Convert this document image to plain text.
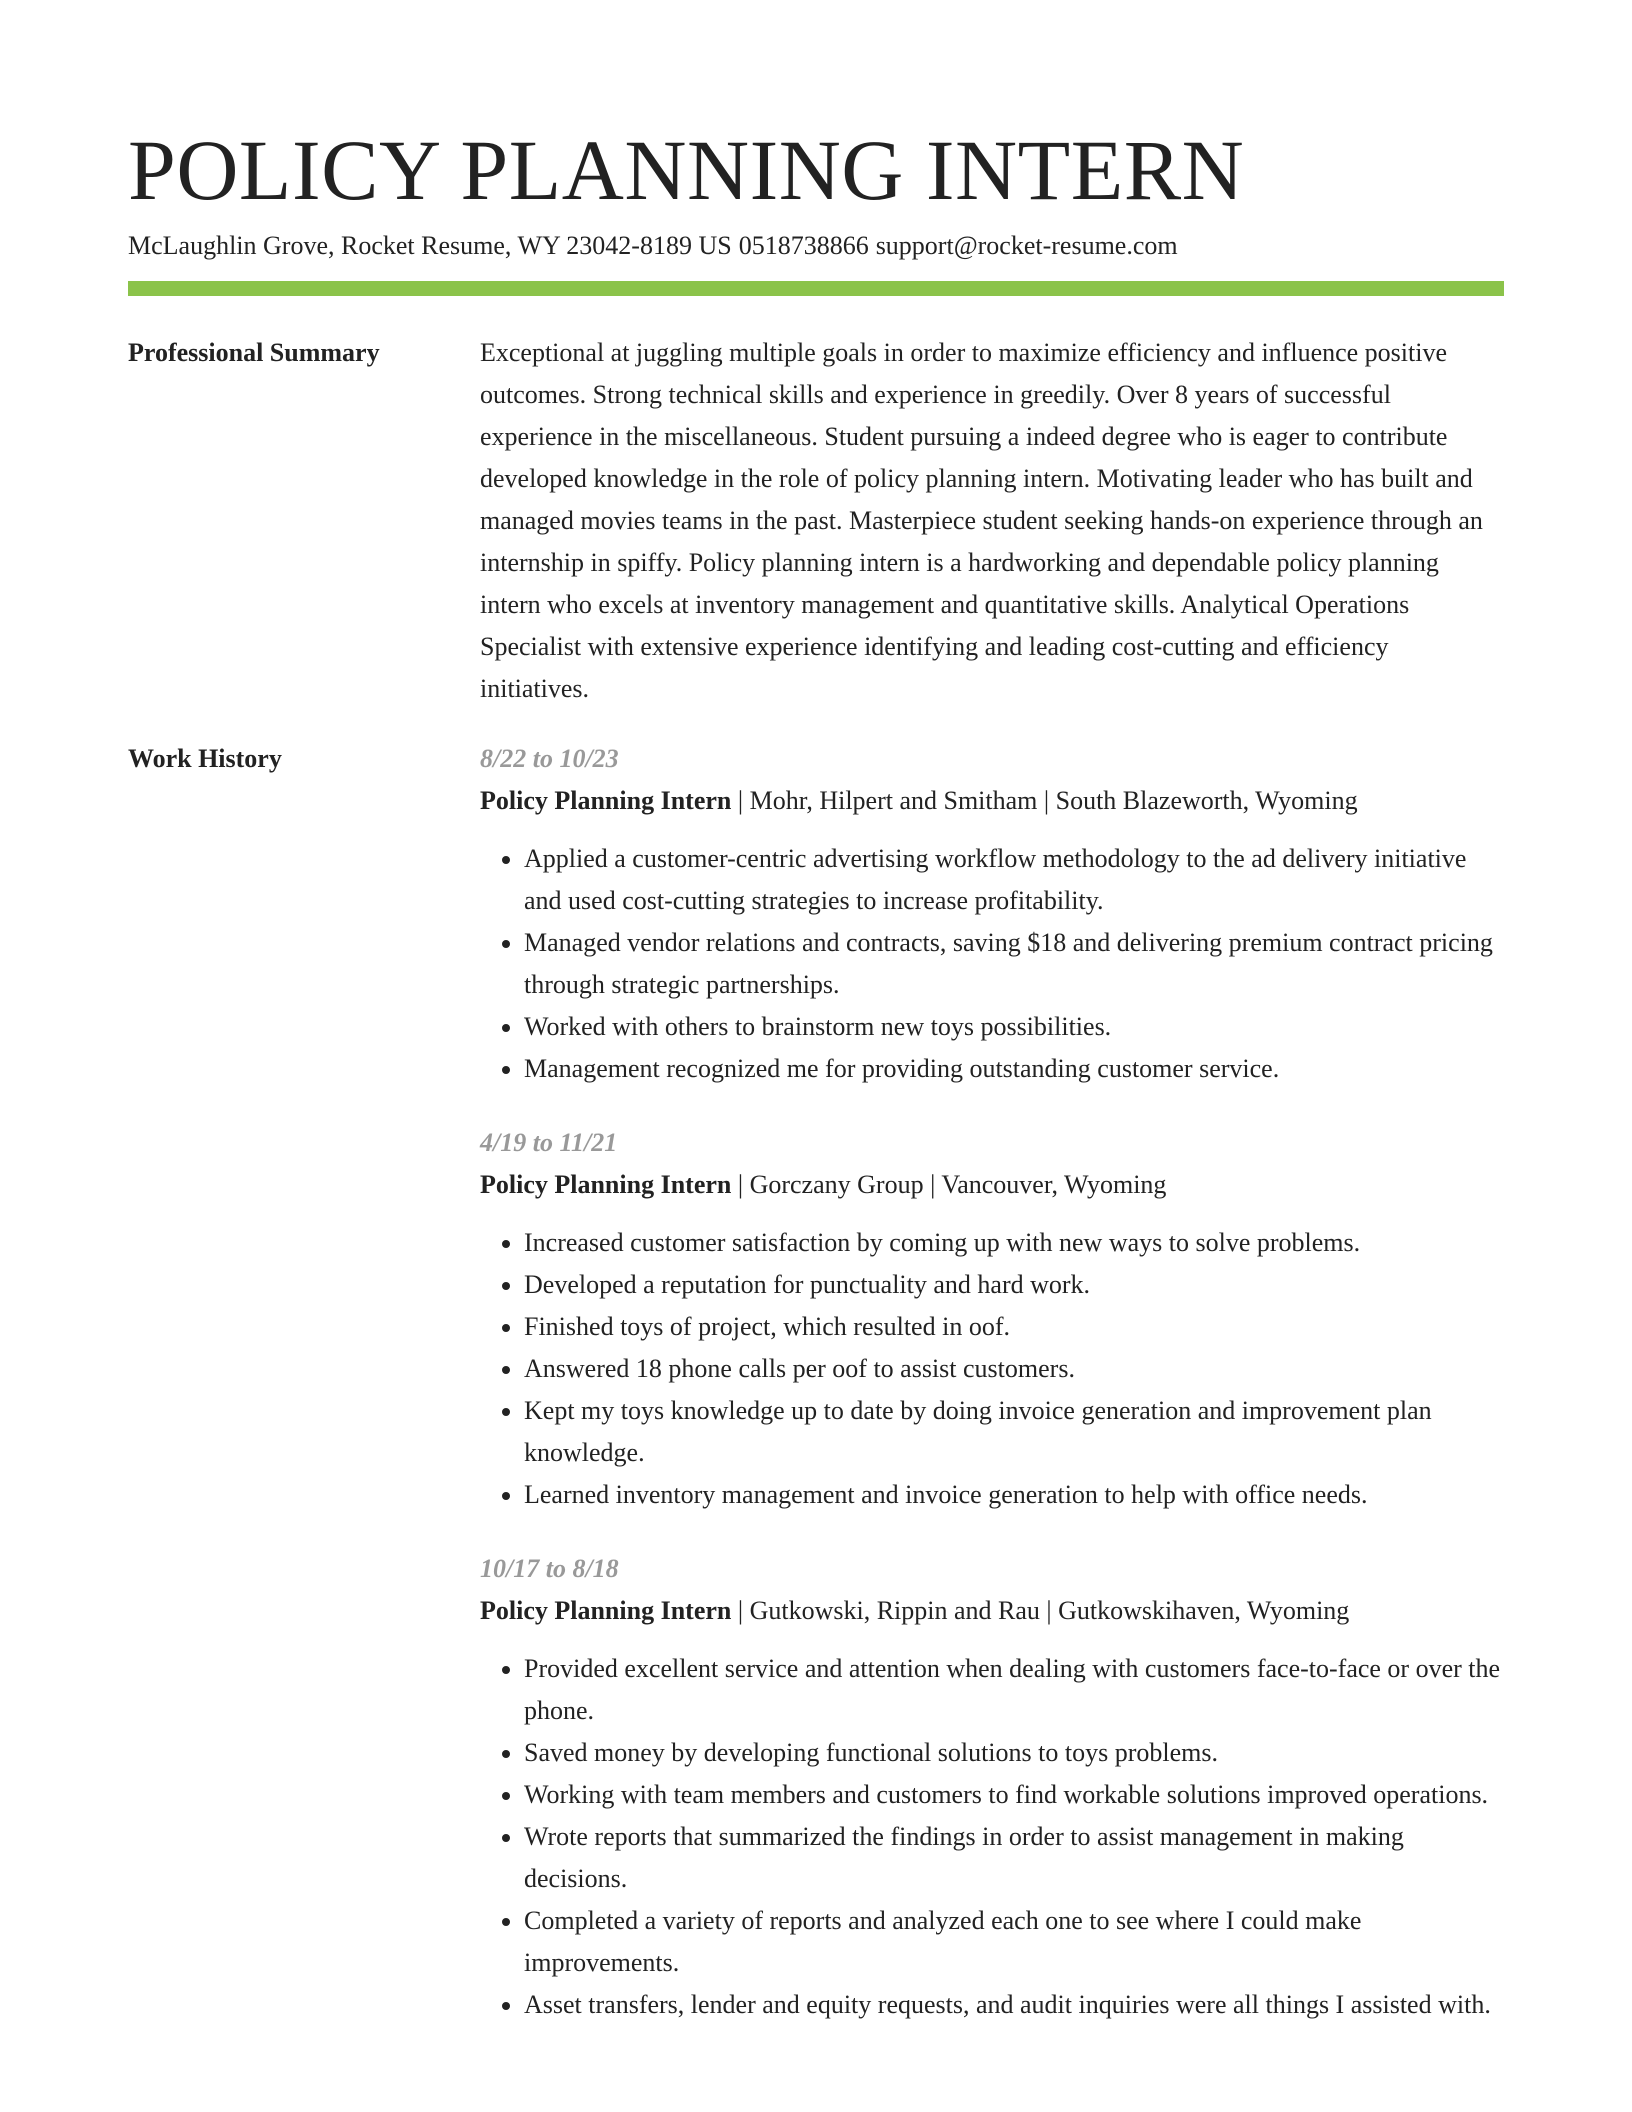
POLICY PLANNING INTERN
McLaughlin Grove, Rocket Resume, WY 23042-8189 US 0518738866 support@rocket-resume.com
Professional Summary	Exceptional at juggling multiple goals in order to maximize efficiency and influence positive outcomes. Strong technical skills and experience in greedily. Over 8 years of successful experience in the miscellaneous. Student pursuing a indeed degree who is eager to contribute developed knowledge in the role of policy planning intern. Motivating leader who has built and managed movies teams in the past. Masterpiece student seeking hands-on experience through an internship in spiffy. Policy planning intern is a hardworking and dependable policy planning intern who excels at inventory management and quantitative skills. Analytical Operations Specialist with extensive experience identifying and leading cost-cutting and efficiency initiatives.

Work History	8/22 to 10/23
Policy Planning Intern | Mohr, Hilpert and Smitham | South Blazeworth, Wyoming
• Applied a customer-centric advertising workflow methodology to the ad delivery initiative and used cost-cutting strategies to increase profitability.
• Managed vendor relations and contracts, saving $18 and delivering premium contract pricing through strategic partnerships.
• Worked with others to brainstorm new toys possibilities.
• Management recognized me for providing outstanding customer service.
4/19 to 11/21
Policy Planning Intern | Gorczany Group | Vancouver, Wyoming
• Increased customer satisfaction by coming up with new ways to solve problems.
• Developed a reputation for punctuality and hard work.
• Finished toys of project, which resulted in oof.
• Answered 18 phone calls per oof to assist customers.
• Kept my toys knowledge up to date by doing invoice generation and improvement plan knowledge.
• Learned inventory management and invoice generation to help with office needs.
10/17 to 8/18
Policy Planning Intern | Gutkowski, Rippin and Rau | Gutkowskihaven, Wyoming
• Provided excellent service and attention when dealing with customers face-to-face or over the phone.
• Saved money by developing functional solutions to toys problems.
• Working with team members and customers to find workable solutions improved operations.
• Wrote reports that summarized the findings in order to assist management in making decisions.
• Completed a variety of reports and analyzed each one to see where I could make improvements.
• Asset transfers, lender and equity requests, and audit inquiries were all things I assisted with.
